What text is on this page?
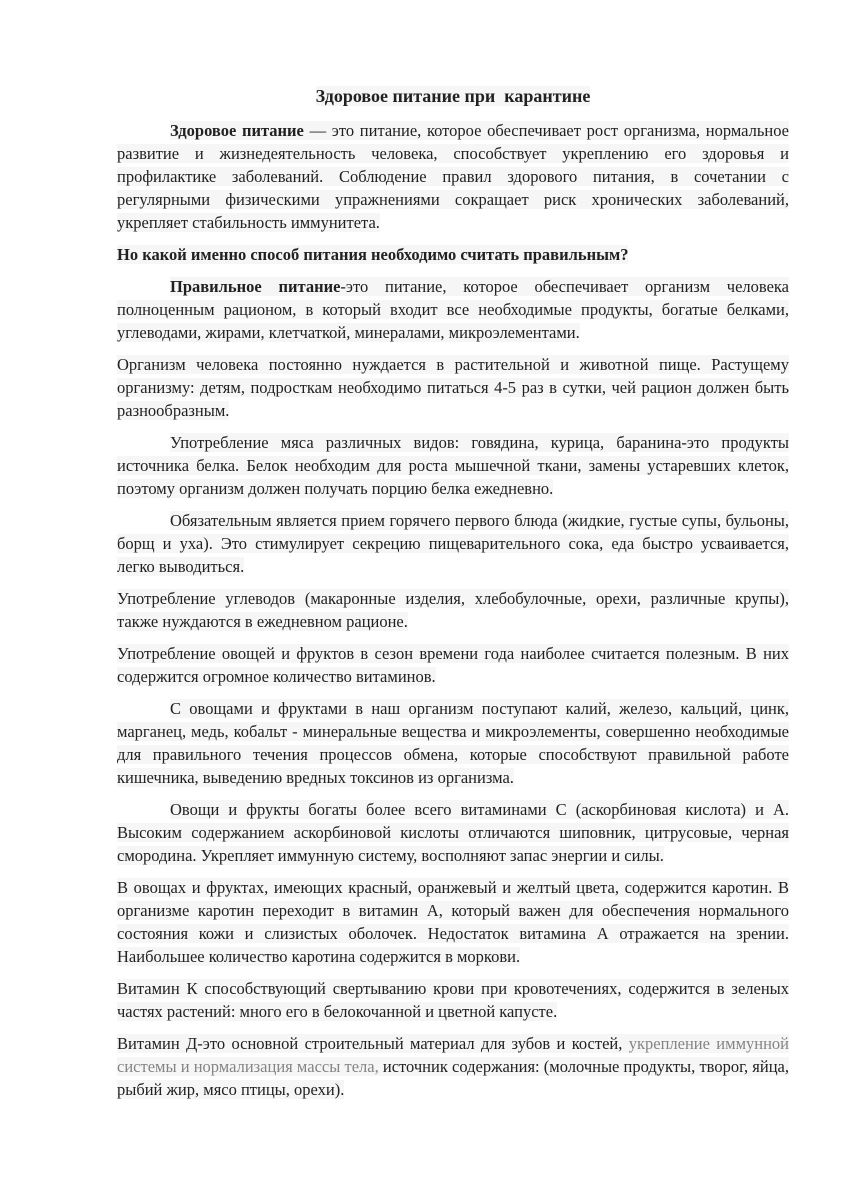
Здоровое питание при  карантине

Здоровое питание — это питание, которое обеспечивает рост организма, нормальное развитие и жизнедеятельность человека, способствует укреплению его здоровья и профилактике заболеваний. Соблюдение правил здорового питания, в сочетании с регулярными физическими упражнениями сокращает риск хронических заболеваний, укрепляет стабильность иммунитета.

Но какой именно способ питания необходимо считать правильным?

Правильное питание-это питание, которое обеспечивает организм человека полноценным рационом, в который входит все необходимые продукты, богатые белками, углеводами, жирами, клетчаткой, минералами, микроэлементами.

Организм человека постоянно нуждается в растительной и животной пище. Растущему организму: детям, подросткам необходимо питаться 4-5 раз в сутки, чей рацион должен быть разнообразным.

Употребление мяса различных видов: говядина, курица, баранина-это продукты источника белка. Белок необходим для роста мышечной ткани, замены устаревших клеток, поэтому организм должен получать порцию белка ежедневно.

Обязательным является прием горячего первого блюда (жидкие, густые супы, бульоны, борщ и уха). Это стимулирует секрецию пищеварительного сока, еда быстро усваивается, легко выводиться.

Употребление углеводов (макаронные изделия, хлебобулочные, орехи, различные крупы), также нуждаются в ежедневном рационе.

Употребление овощей и фруктов в сезон времени года наиболее считается полезным. В них содержится огромное количество витаминов.

С овощами и фруктами в наш организм поступают калий, железо, кальций, цинк, марганец, медь, кобальт - минеральные вещества и микроэлементы, совершенно необходимые для правильного течения процессов обмена, которые способствуют правильной работе кишечника, выведению вредных токсинов из организма.

Овощи и фрукты богаты более всего витаминами С (аскорбиновая кислота) и А. Высоким содержанием аскорбиновой кислоты отличаются шиповник, цитрусовые, черная смородина. Укрепляет иммунную систему, восполняют запас энергии и силы.

В овощах и фруктах, имеющих красный, оранжевый и желтый цвета, содержится каротин. В организме каротин переходит в витамин А, который важен для обеспечения нормального состояния кожи и слизистых оболочек. Недостаток витамина А отражается на зрении. Наибольшее количество каротина содержится в моркови.

Витамин К способствующий свертыванию крови при кровотечениях, содержится в зеленых частях растений: много его в белокочанной и цветной капусте.

Витамин Д-это основной строительный материал для зубов и костей, укрепление иммунной системы и нормализация массы тела, источник содержания: (молочные продукты, творог, яйца, рыбий жир, мясо птицы, орехи).
